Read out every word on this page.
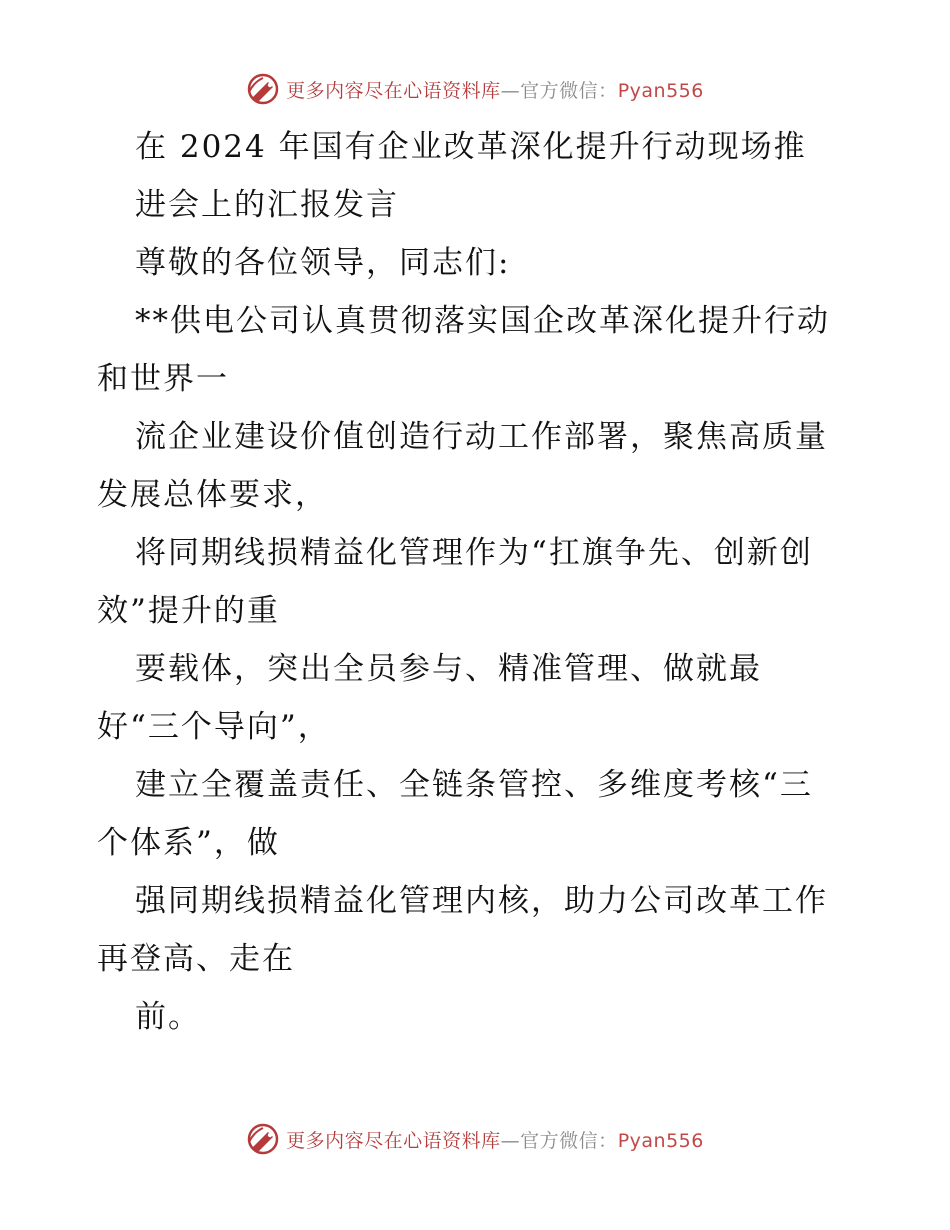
更多内容尽在心语资料库—官方微信：Pyan556
在 2024 年国有企业改革深化提升行动现场推
进会上的汇报发言
尊敬的各位领导，同志们:
**供电公司认真贯彻落实国企改革深化提升行动
和世界一
流企业建设价值创造行动工作部署，聚焦高质量
发展总体要求，
将同期线损精益化管理作为“扛旗争先、创新创
效”提升的重
要载体，突出全员参与、精准管理、做就最
好“三个导向”，
建立全覆盖责任、全链条管控、多维度考核“三
个体系”，做
强同期线损精益化管理内核，助力公司改革工作
再登高、走在
前。
更多内容尽在心语资料库—官方微信：Pyan556
